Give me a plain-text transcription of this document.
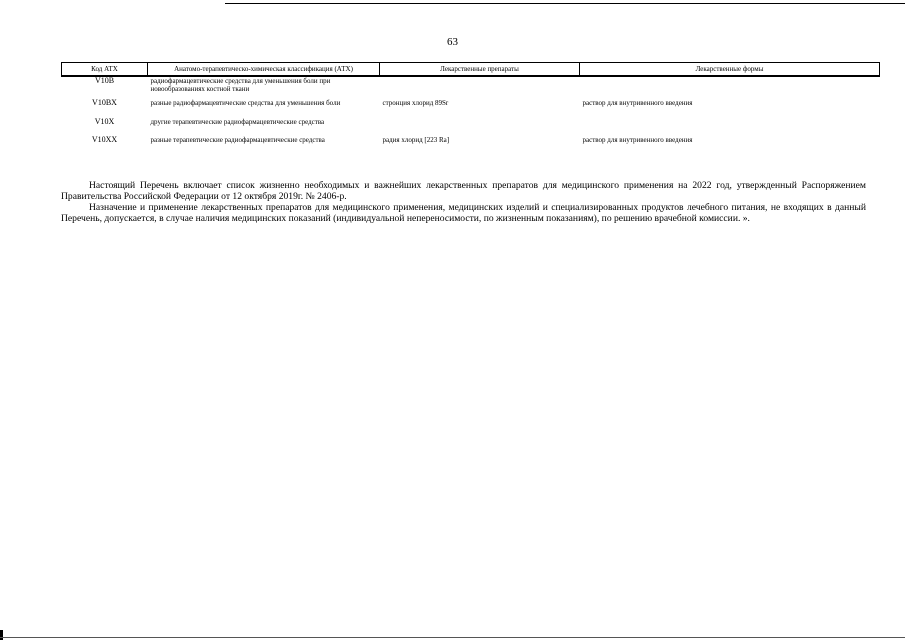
63
Код АТХ	Анатомо-терапевтическо-химическая классификация (АТХ)	Лекарственные препараты	Лекарственные формы
V10B	радиофармацевтические средства для уменьшения боли при новообразованиях костной ткани		
V10BX	разные радиофармацевтические средства для уменьшения боли	стронция хлорид 89Sr	раствор для внутривенного введения
V10X	другие терапевтические радиофармацевтические средства		
V10XX	разные терапевтические радиофармацевтические средства	радия хлорид [223 Ra]	раствор для внутривенного введения

Настоящий Перечень включает список жизненно необходимых и важнейших лекарственных препаратов для медицинского применения на 2022 год, утвержденный Распоряжением Правительства Российской Федерации от 12 октября 2019г. № 2406-р.

Назначение и применение лекарственных препаратов для медицинского применения, медицинских изделий и специализированных продуктов лечебного питания, не входящих в данный Перечень, допускается, в случае наличия медицинских показаний (индивидуальной непереносимости, по жизненным показаниям), по решению врачебной комиссии. ».
